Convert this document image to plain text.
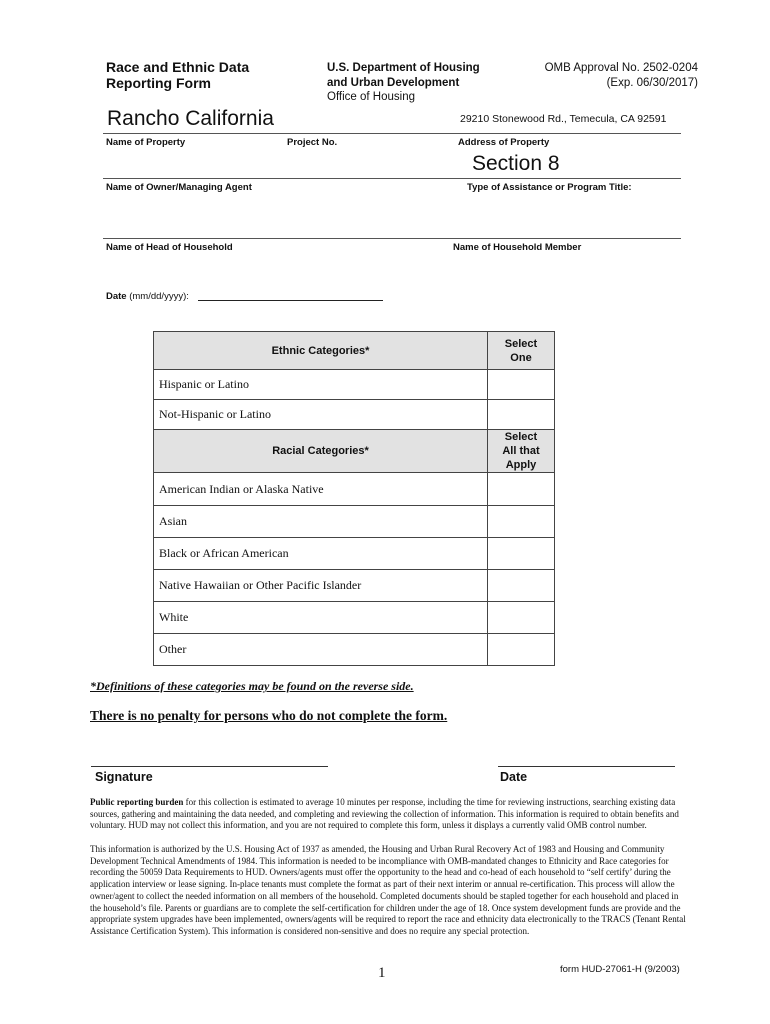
Race and Ethnic Data
Reporting Form
U.S. Department of Housing
and Urban Development
Office of Housing
OMB Approval No. 2502-0204
(Exp. 06/30/2017)
Rancho California	29210 Stonewood Rd., Temecula, CA 92591
Name of Property	Project No.	Address of Property
Section 8
Name of Owner/Managing Agent	Type of Assistance or Program Title:
Name of Head of Household	Name of Household Member
Date (mm/dd/yyyy):
Ethnic Categories*	Select One
Hispanic or Latino	
Not-Hispanic or Latino	
Racial Categories*	Select
All that
Apply

American Indian or Alaska Native	
Asian	
Black or African American	
Native Hawaiian or Other Pacific Islander	
White	
Other	
*Definitions of these categories may be found on the reverse side.
There is no penalty for persons who do not complete the form.
Signature	Date
Public reporting burden for this collection is estimated to average 10 minutes per response, including the time for reviewing instructions, searching existing data sources, gathering and maintaining the data needed, and completing and reviewing the collection of information. This information is required to obtain benefits and voluntary. HUD may not collect this information, and you are not required to complete this form, unless it displays a currently valid OMB control number.
This information is authorized by the U.S. Housing Act of 1937 as amended, the Housing and Urban Rural Recovery Act of 1983 and Housing and Community Development Technical Amendments of 1984. This information is needed to be incompliance with OMB-mandated changes to Ethnicity and Race categories for recording the 50059 Data Requirements to HUD. Owners/agents must offer the opportunity to the head and co-head of each household to “self certify’ during the application interview or lease signing. In-place tenants must complete the format as part of their next interim or annual re-certification. This process will allow the owner/agent to collect the needed information on all members of the household. Completed documents should be stapled together for each household and placed in the household’s file. Parents or guardians are to complete the self-certification for children under the age of 18. Once system development funds are provide and the appropriate system upgrades have been implemented, owners/agents will be required to report the race and ethnicity data electronically to the TRACS (Tenant Rental Assistance Certification System). This information is considered non-sensitive and does no require any special protection.
1	form HUD-27061-H (9/2003)
